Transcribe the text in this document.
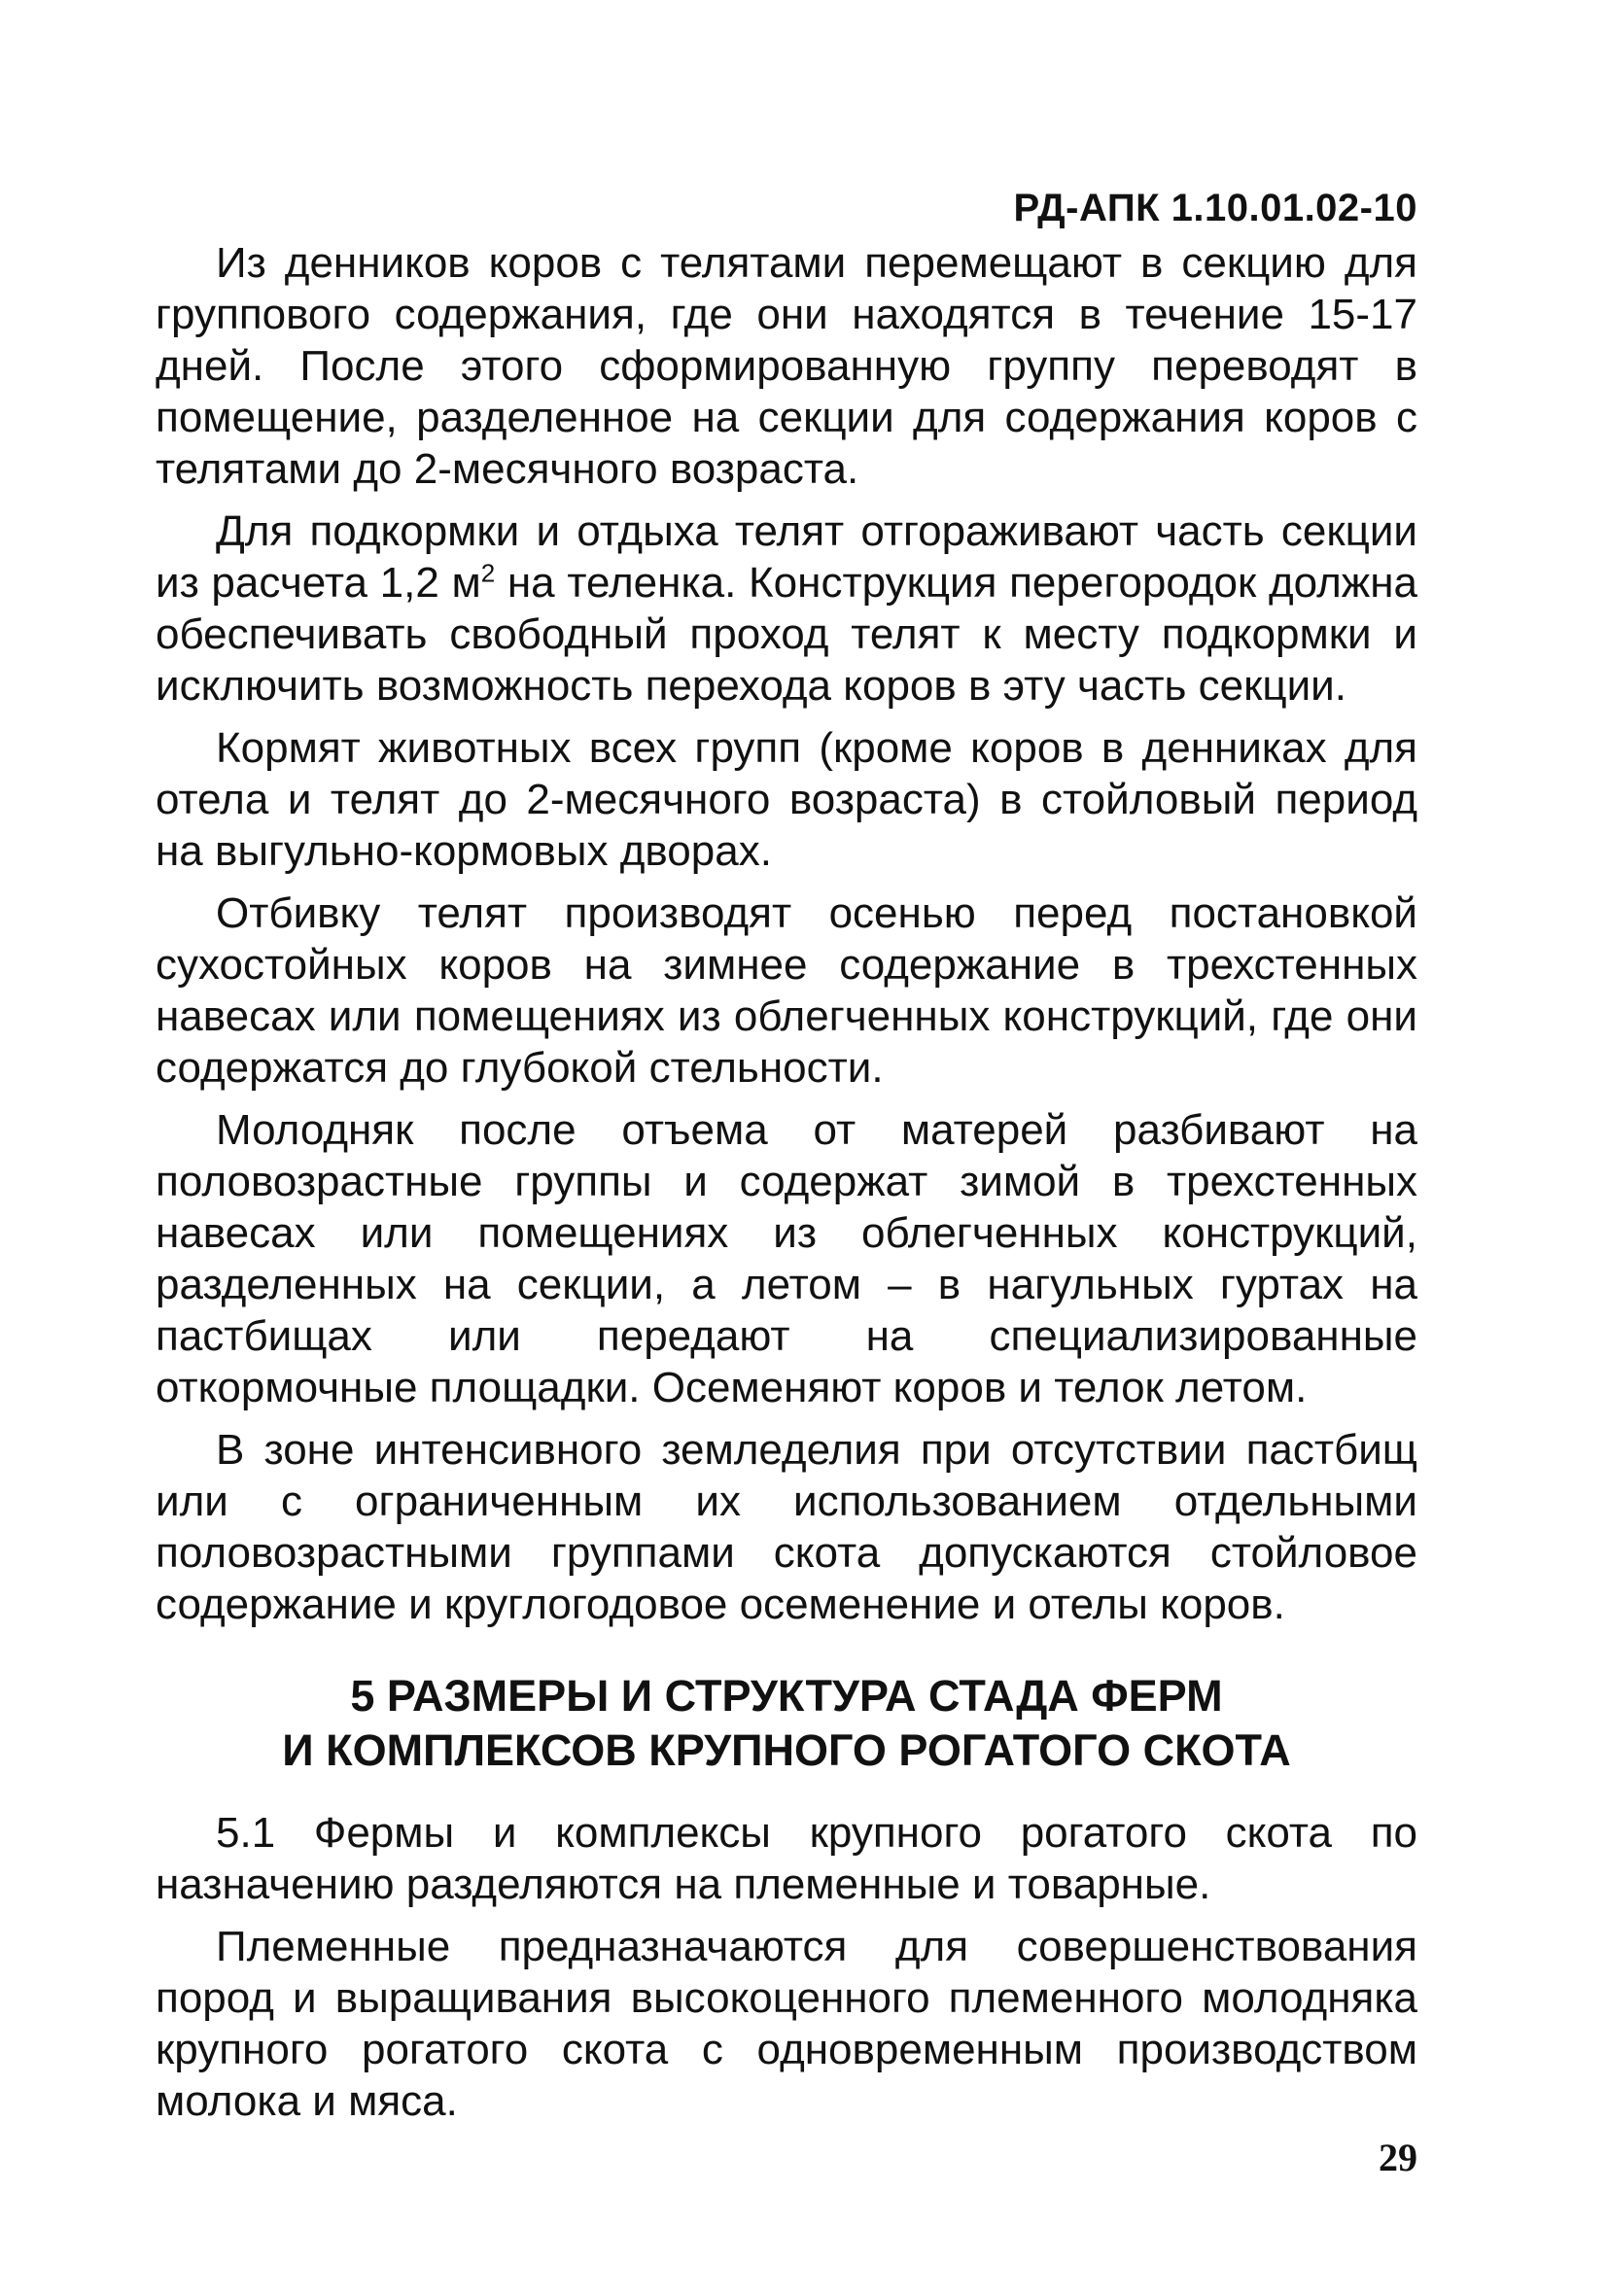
РД-АПК 1.10.01.02-10

Из денников коров с телятами перемещают в секцию для группового содержания, где они находятся в течение 15-17 дней. После этого сформированную группу переводят в помещение, разделенное на секции для содержания коров с телятами до 2-месячного возраста.

Для подкормки и отдыха телят отгораживают часть секции из расчета 1,2 $м^2$ на теленка. Конструкция перегородок должна обеспечивать свободный проход телят к месту подкормки и исключить возможность перехода коров в эту часть секции.

Кормят животных всех групп (кроме коров в денниках для отела и телят до 2-месячного возраста) в стойловый период на выгульно-кормовых дворах.

Отбивку телят производят осенью перед постановкой сухостойных коров на зимнее содержание в трехстенных навесах или помещениях из облегченных конструкций, где они содержатся до глубокой стельности.

Молодняк после отъема от матерей разбивают на половозрастные группы и содержат зимой в трехстенных навесах или помещениях из облегченных конструкций, разделенных на секции, а летом – в нагульных гуртах на пастбищах или передают на специализированные откормочные площадки. Осеменяют коров и телок летом.

В зоне интенсивного земледелия при отсутствии пастбищ или с ограниченным их использованием отдельными половозрастными группами скота допускаются стойловое содержание и круглогодовое осеменение и отелы коров.

5 РАЗМЕРЫ И СТРУКТУРА СТАДА ФЕРМ
И КОМПЛЕКСОВ КРУПНОГО РОГАТОГО СКОТА

5.1 Фермы и комплексы крупного рогатого скота по назначению разделяются на племенные и товарные.

Племенные предназначаются для совершенствования пород и выращивания высокоценного племенного молодняка крупного рогатого скота с одновременным производством молока и мяса.

29
